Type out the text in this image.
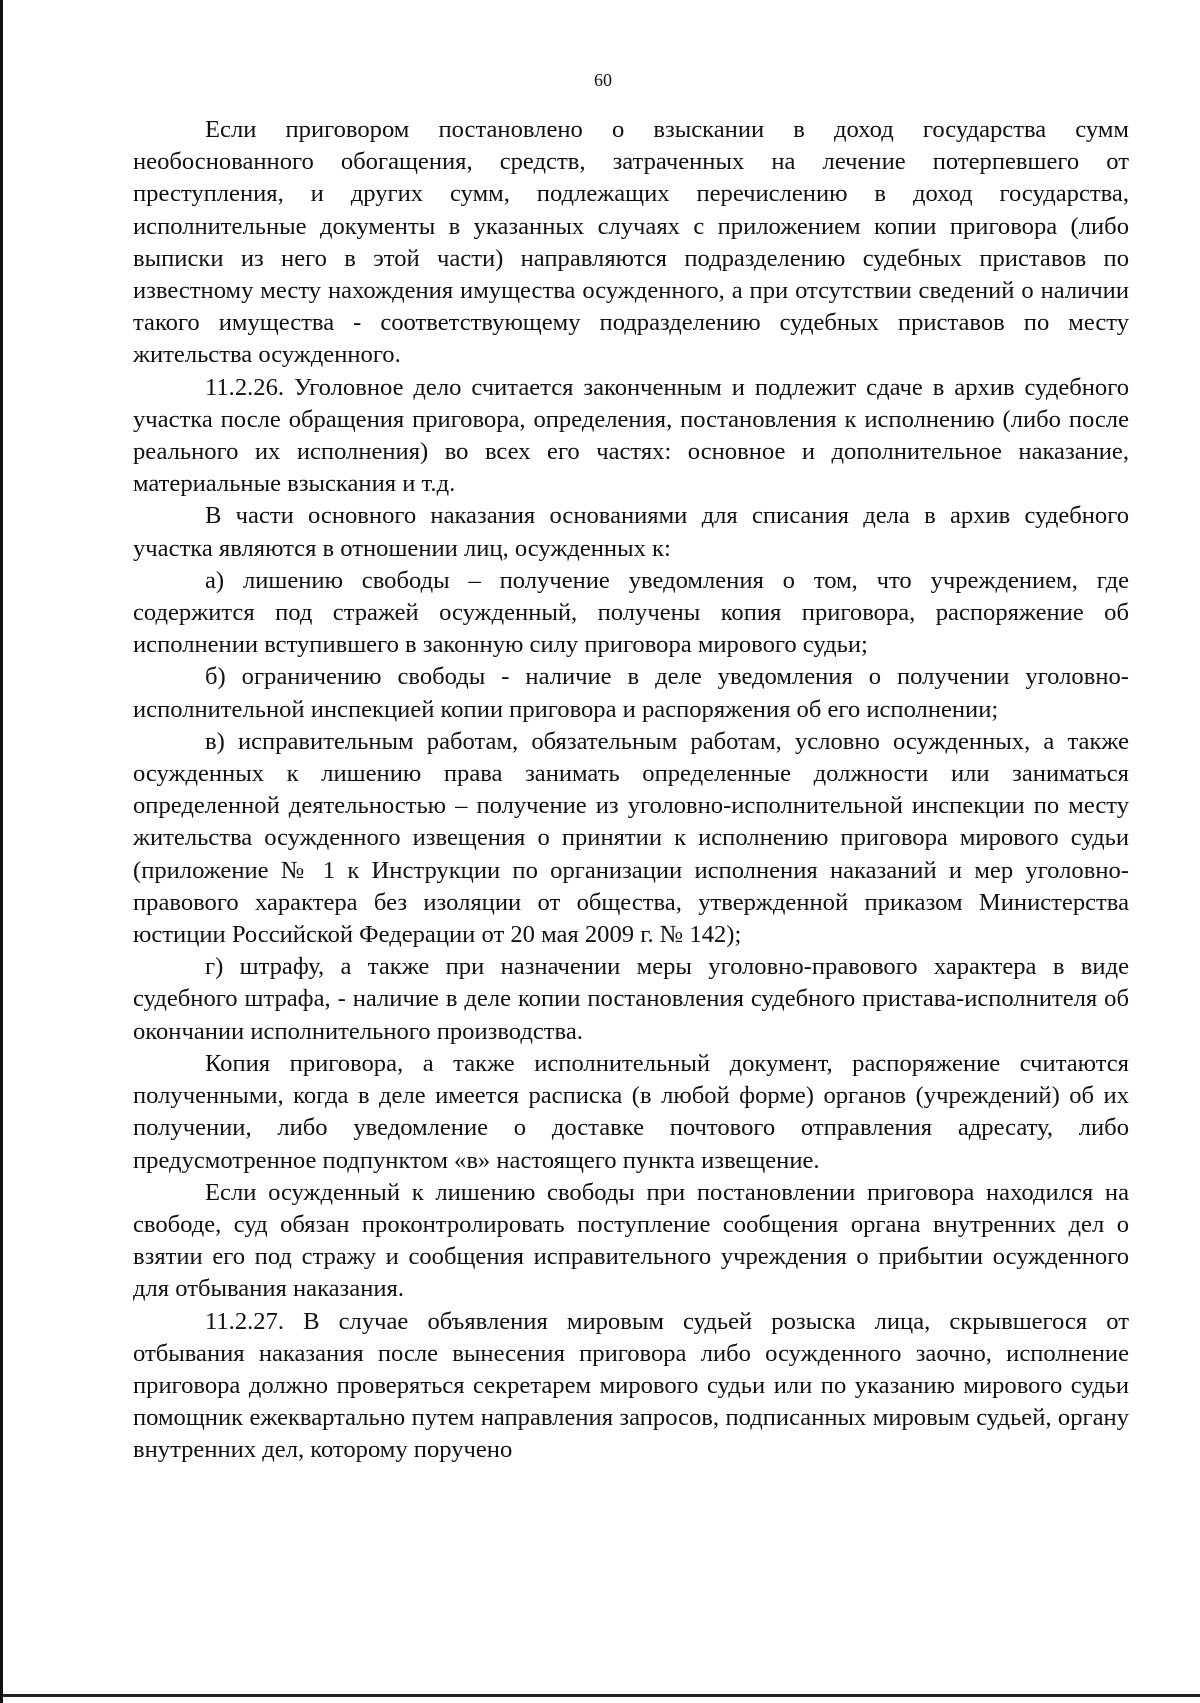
60

Если приговором постановлено о взыскании в доход государства сумм необоснованного обогащения, средств, затраченных на лечение потерпевшего от преступления, и других сумм, подлежащих перечислению в доход государства, исполнительные документы в указанных случаях с приложением копии приговора (либо выписки из него в этой части) направляются подразделению судебных приставов по известному месту нахождения имущества осужденного, а при отсутствии сведений о наличии такого имущества - соответствующему подразделению судебных приставов по месту жительства осужденного.

11.2.26. Уголовное дело считается законченным и подлежит сдаче в архив судебного участка после обращения приговора, определения, постановления к исполнению (либо после реального их исполнения) во всех его частях: основное и дополнительное наказание, материальные взыскания и т.д.

В части основного наказания основаниями для списания дела в архив судебного участка являются в отношении лиц, осужденных к:

а) лишению свободы – получение уведомления о том, что учреждением, где содержится под стражей осужденный, получены копия приговора, распоряжение об исполнении вступившего в законную силу приговора мирового судьи;

б) ограничению свободы - наличие в деле уведомления о получении уголовно-исполнительной инспекцией копии приговора и распоряжения об его исполнении;

в) исправительным работам, обязательным работам, условно осужденных, а также осужденных к лишению права занимать определенные должности или заниматься определенной деятельностью – получение из уголовно-исполнительной инспекции по месту жительства осужденного извещения о принятии к исполнению приговора мирового судьи (приложение № 1 к Инструкции по организации исполнения наказаний и мер уголовно-правового характера без изоляции от общества, утвержденной приказом Министерства юстиции Российской Федерации от 20 мая 2009 г. № 142);

г) штрафу, а также при назначении меры уголовно-правового характера в виде судебного штрафа, - наличие в деле копии постановления судебного пристава-исполнителя об окончании исполнительного производства.

Копия приговора, а также исполнительный документ, распоряжение считаются полученными, когда в деле имеется расписка (в любой форме) органов (учреждений) об их получении, либо уведомление о доставке почтового отправления адресату, либо предусмотренное подпунктом «в» настоящего пункта извещение.

Если осужденный к лишению свободы при постановлении приговора находился на свободе, суд обязан проконтролировать поступление сообщения органа внутренних дел о взятии его под стражу и сообщения исправительного учреждения о прибытии осужденного для отбывания наказания.

11.2.27. В случае объявления мировым судьей розыска лица, скрывшегося от отбывания наказания после вынесения приговора либо осужденного заочно, исполнение приговора должно проверяться секретарем мирового судьи или по указанию мирового судьи помощник ежеквартально путем направления запросов, подписанных мировым судьей, органу внутренних дел, которому поручено
